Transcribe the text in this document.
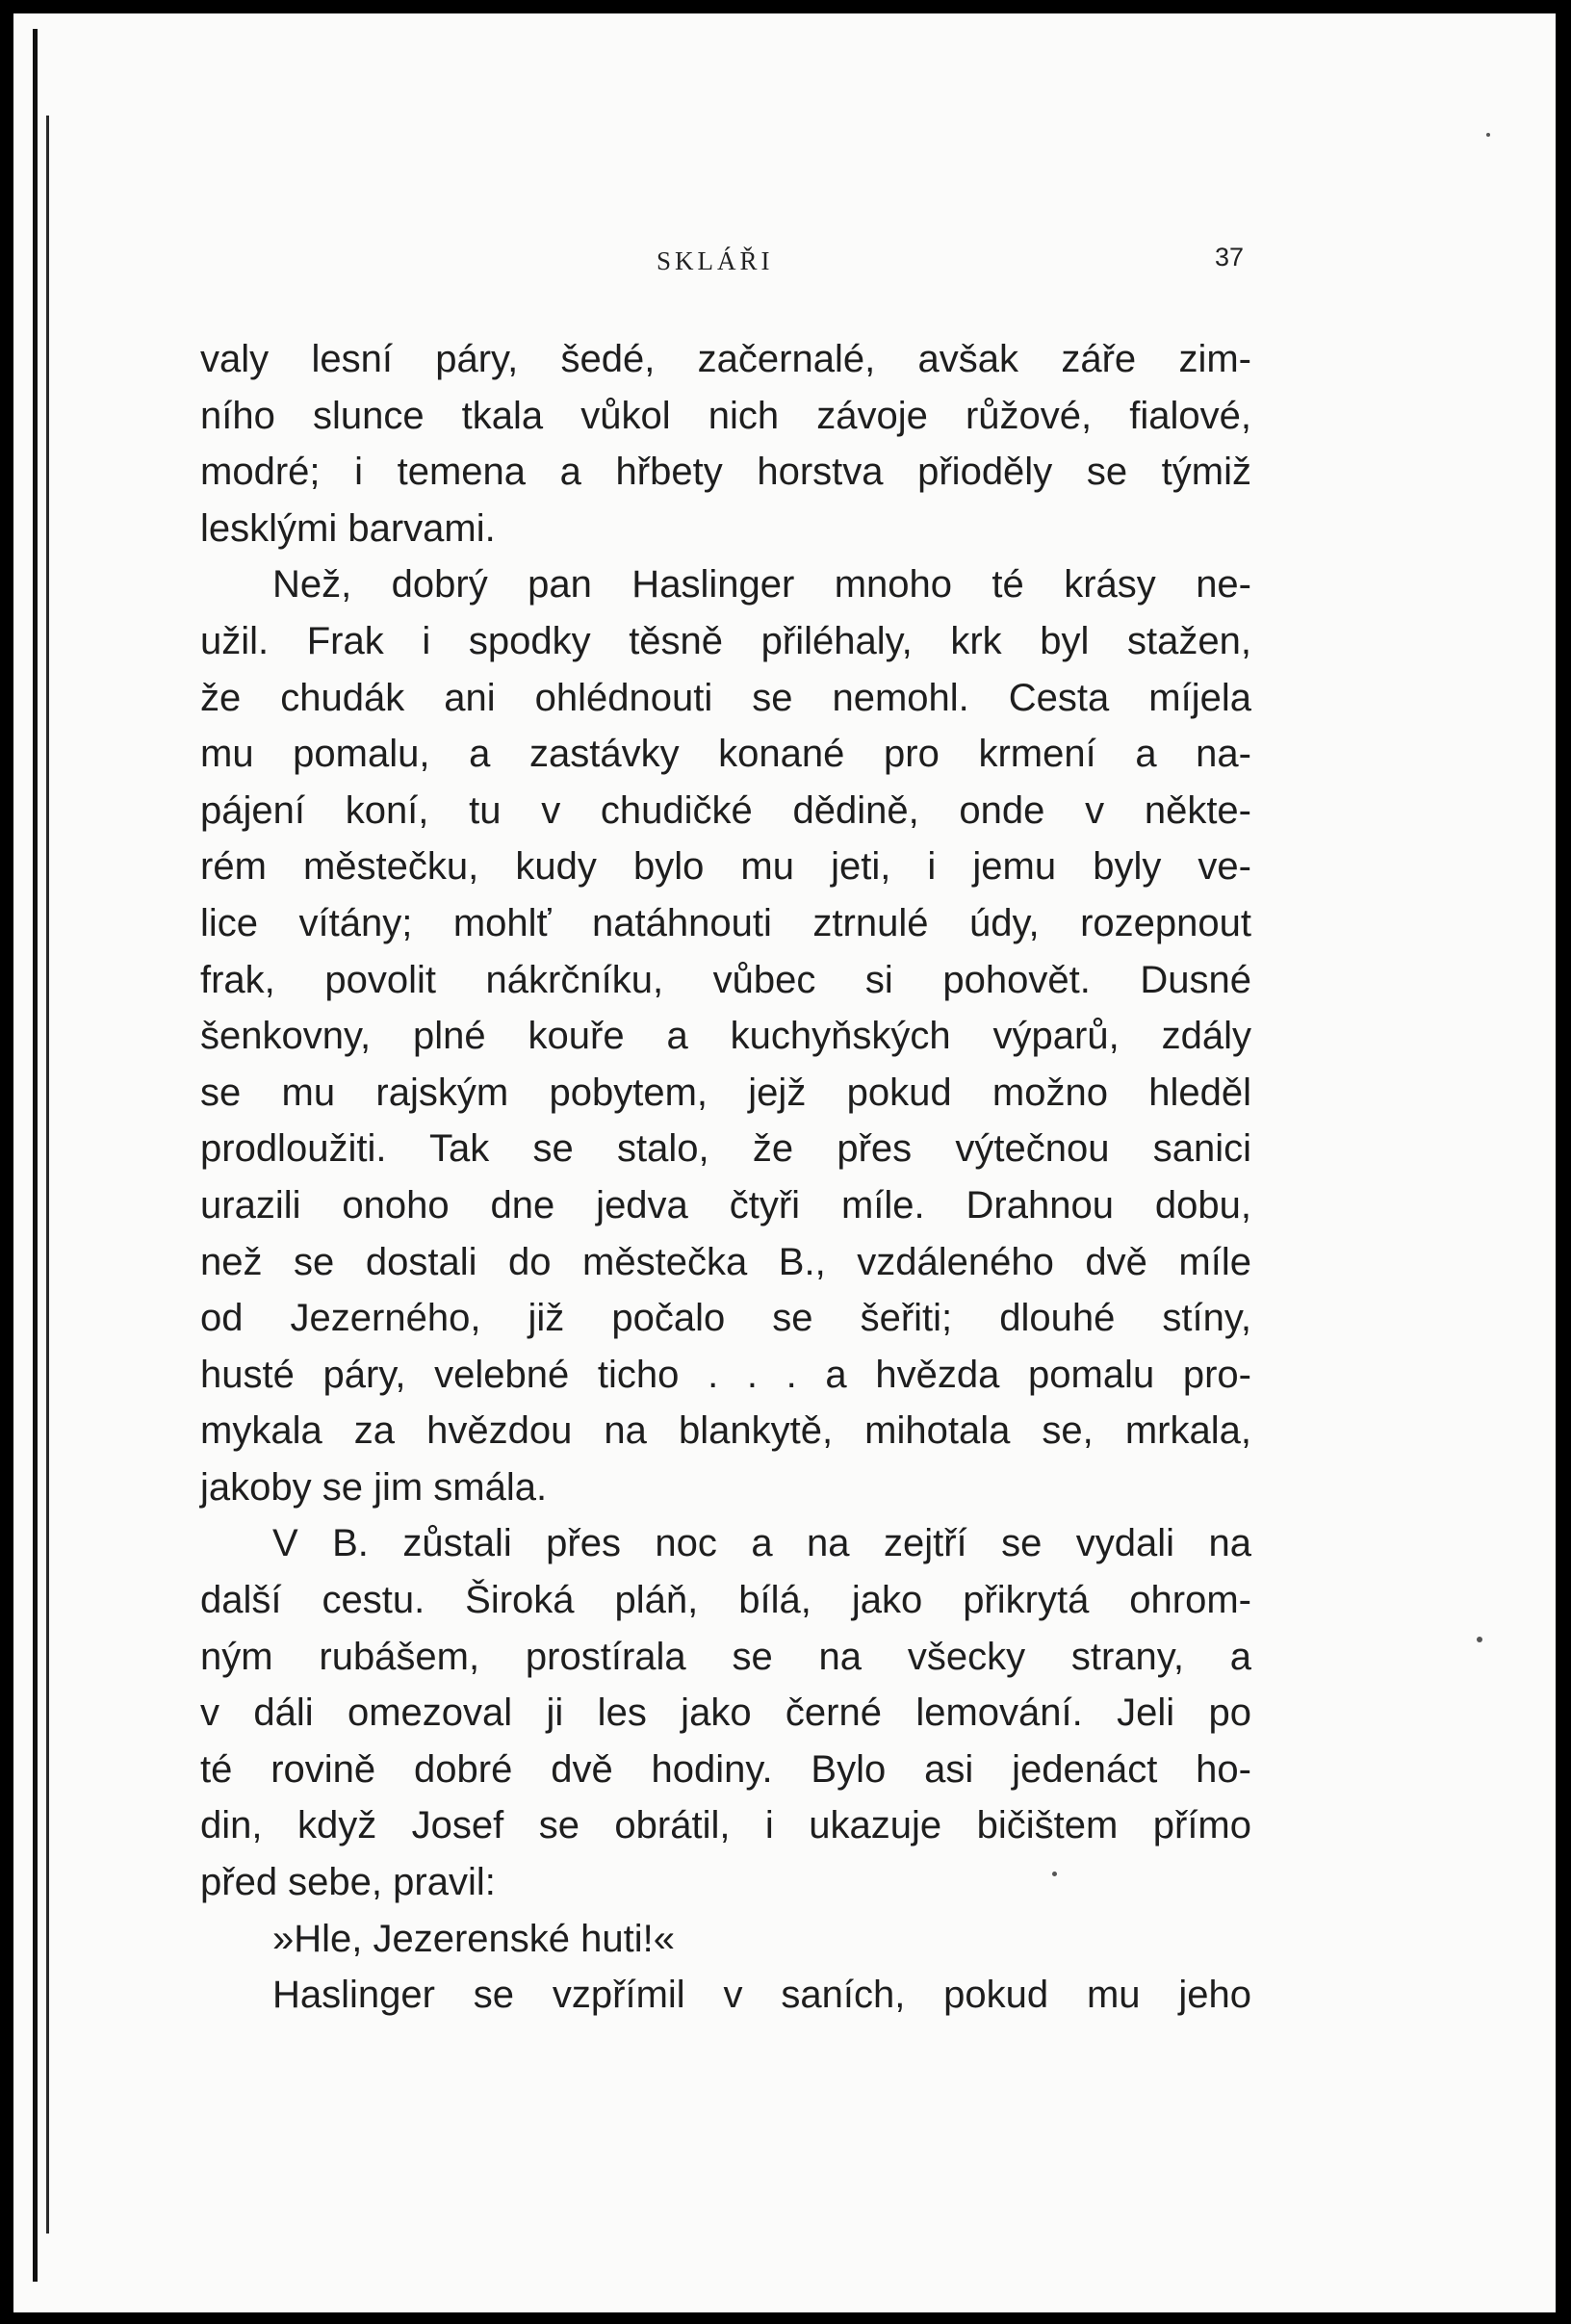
SKLÁŘI	37
valy lesní páry, šedé, začernalé, avšak záře zim-
ního slunce tkala vůkol nich závoje růžové, fialové,
modré; i temena a hřbety horstva přioděly se týmiž
lesklými barvami.
Než, dobrý pan Haslinger mnoho té krásy ne-
užil. Frak i spodky těsně přiléhaly, krk byl stažen,
že chudák ani ohlédnouti se nemohl. Cesta míjela
mu pomalu, a zastávky konané pro krmení a na-
pájení koní, tu v chudičké dědině, onde v někte-
rém městečku, kudy bylo mu jeti, i jemu byly ve-
lice vítány; mohlť natáhnouti ztrnulé údy, rozepnout
frak, povolit nákrčníku, vůbec si pohovět. Dusné
šenkovny, plné kouře a kuchyňských výparů, zdály
se mu rajským pobytem, jejž pokud možno hleděl
prodloužiti. Tak se stalo, že přes výtečnou sanici
urazili onoho dne jedva čtyři míle. Drahnou dobu,
než se dostali do městečka B., vzdáleného dvě míle
od Jezerného, již počalo se šeřiti; dlouhé stíny,
husté páry, velebné ticho . . . a hvězda pomalu pro-
mykala za hvězdou na blankytě, mihotala se, mrkala,
jakoby se jim smála.
V B. zůstali přes noc a na zejtří se vydali na
další cestu. Široká pláň, bílá, jako přikrytá ohrom-
ným rubášem, prostírala se na všecky strany, a
v dáli omezoval ji les jako černé lemování. Jeli po
té rovině dobré dvě hodiny. Bylo asi jedenáct ho-
din, když Josef se obrátil, i ukazuje bičištem přímo
před sebe, pravil:
»Hle, Jezerenské huti!«
Haslinger se vzpřímil v saních, pokud mu jeho
